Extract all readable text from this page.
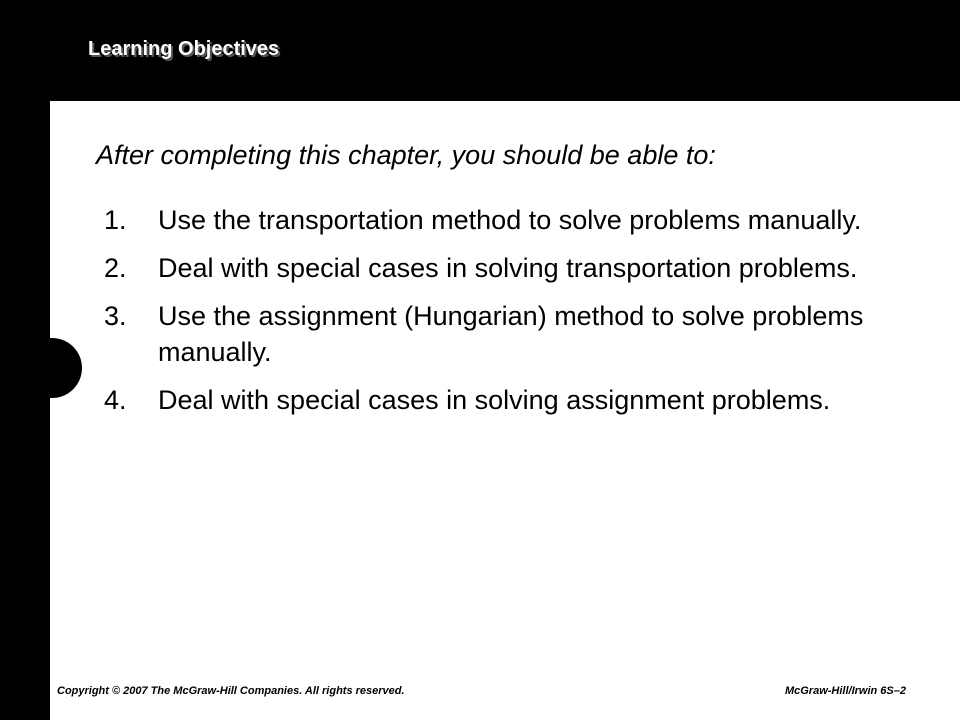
Learning Objectives
After completing this chapter, you should be able to:
1. Use the transportation method to solve problems manually.
2. Deal with special cases in solving transportation problems.
3. Use the assignment (Hungarian) method to solve problems manually.
4. Deal with special cases in solving assignment problems.
Copyright © 2007 The McGraw-Hill Companies. All rights reserved.	McGraw-Hill/Irwin 6S–2
